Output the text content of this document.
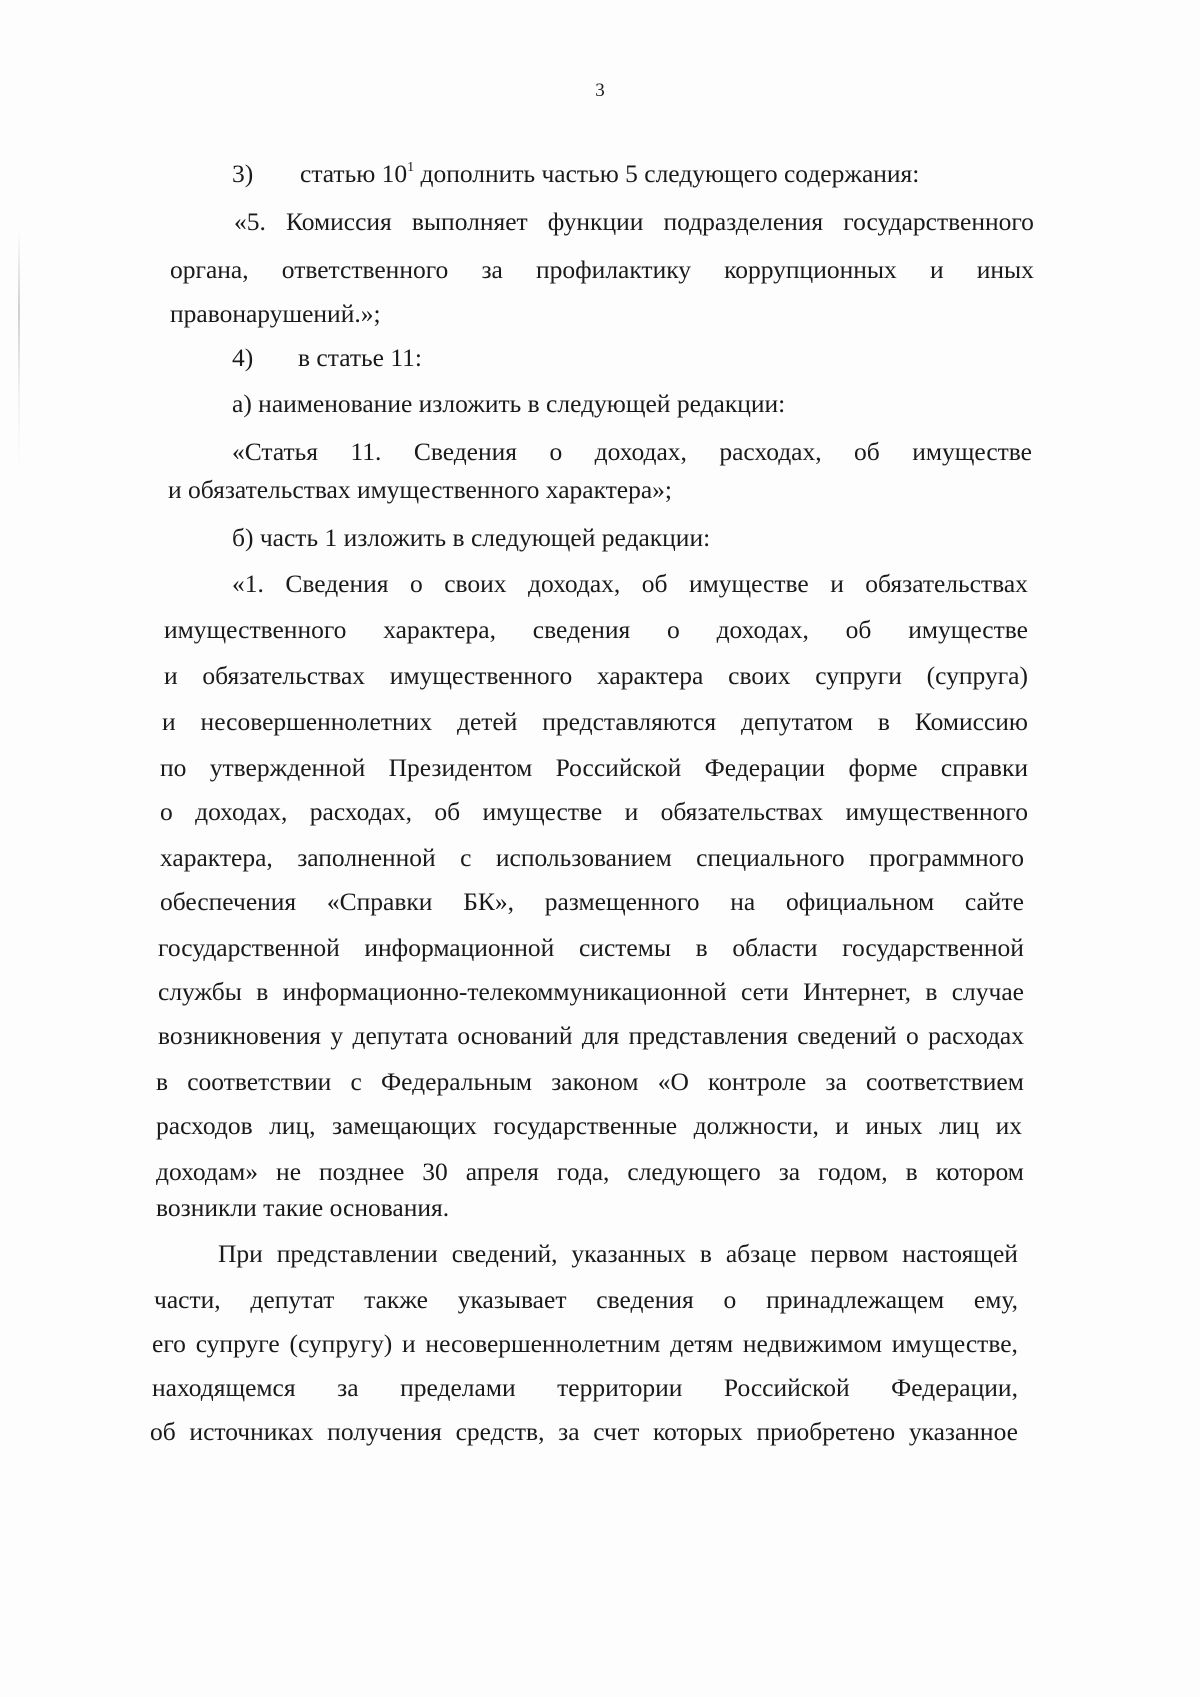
3
3) статью $10^1$ дополнить частью 5 следующего содержания:
«5. Комиссия выполняет функции подразделения государственного
органа, ответственного за профилактику коррупционных и иных
правонарушений.»;
4) в статье 11:
а) наименование изложить в следующей редакции:
«Статья 11. Сведения о доходах, расходах, об имуществе
и обязательствах имущественного характера»;
б) часть 1 изложить в следующей редакции:
«1. Сведения о своих доходах, об имуществе и обязательствах
имущественного характера, сведения о доходах, об имуществе
и обязательствах имущественного характера своих супруги (супруга)
и несовершеннолетних детей представляются депутатом в Комиссию
по утвержденной Президентом Российской Федерации форме справки
о доходах, расходах, об имуществе и обязательствах имущественного
характера, заполненной с использованием специального программного
обеспечения «Справки БК», размещенного на официальном сайте
государственной информационной системы в области государственной
службы в информационно-телекоммуникационной сети Интернет, в случае
возникновения у депутата оснований для представления сведений о расходах
в соответствии с Федеральным законом «О контроле за соответствием
расходов лиц, замещающих государственные должности, и иных лиц их
доходам» не позднее 30 апреля года, следующего за годом, в котором
возникли такие основания.
При представлении сведений, указанных в абзаце первом настоящей
части, депутат также указывает сведения о принадлежащем ему,
его супруге (супругу) и несовершеннолетним детям недвижимом имуществе,
находящемся за пределами территории Российской Федерации,
об источниках получения средств, за счет которых приобретено указанное
